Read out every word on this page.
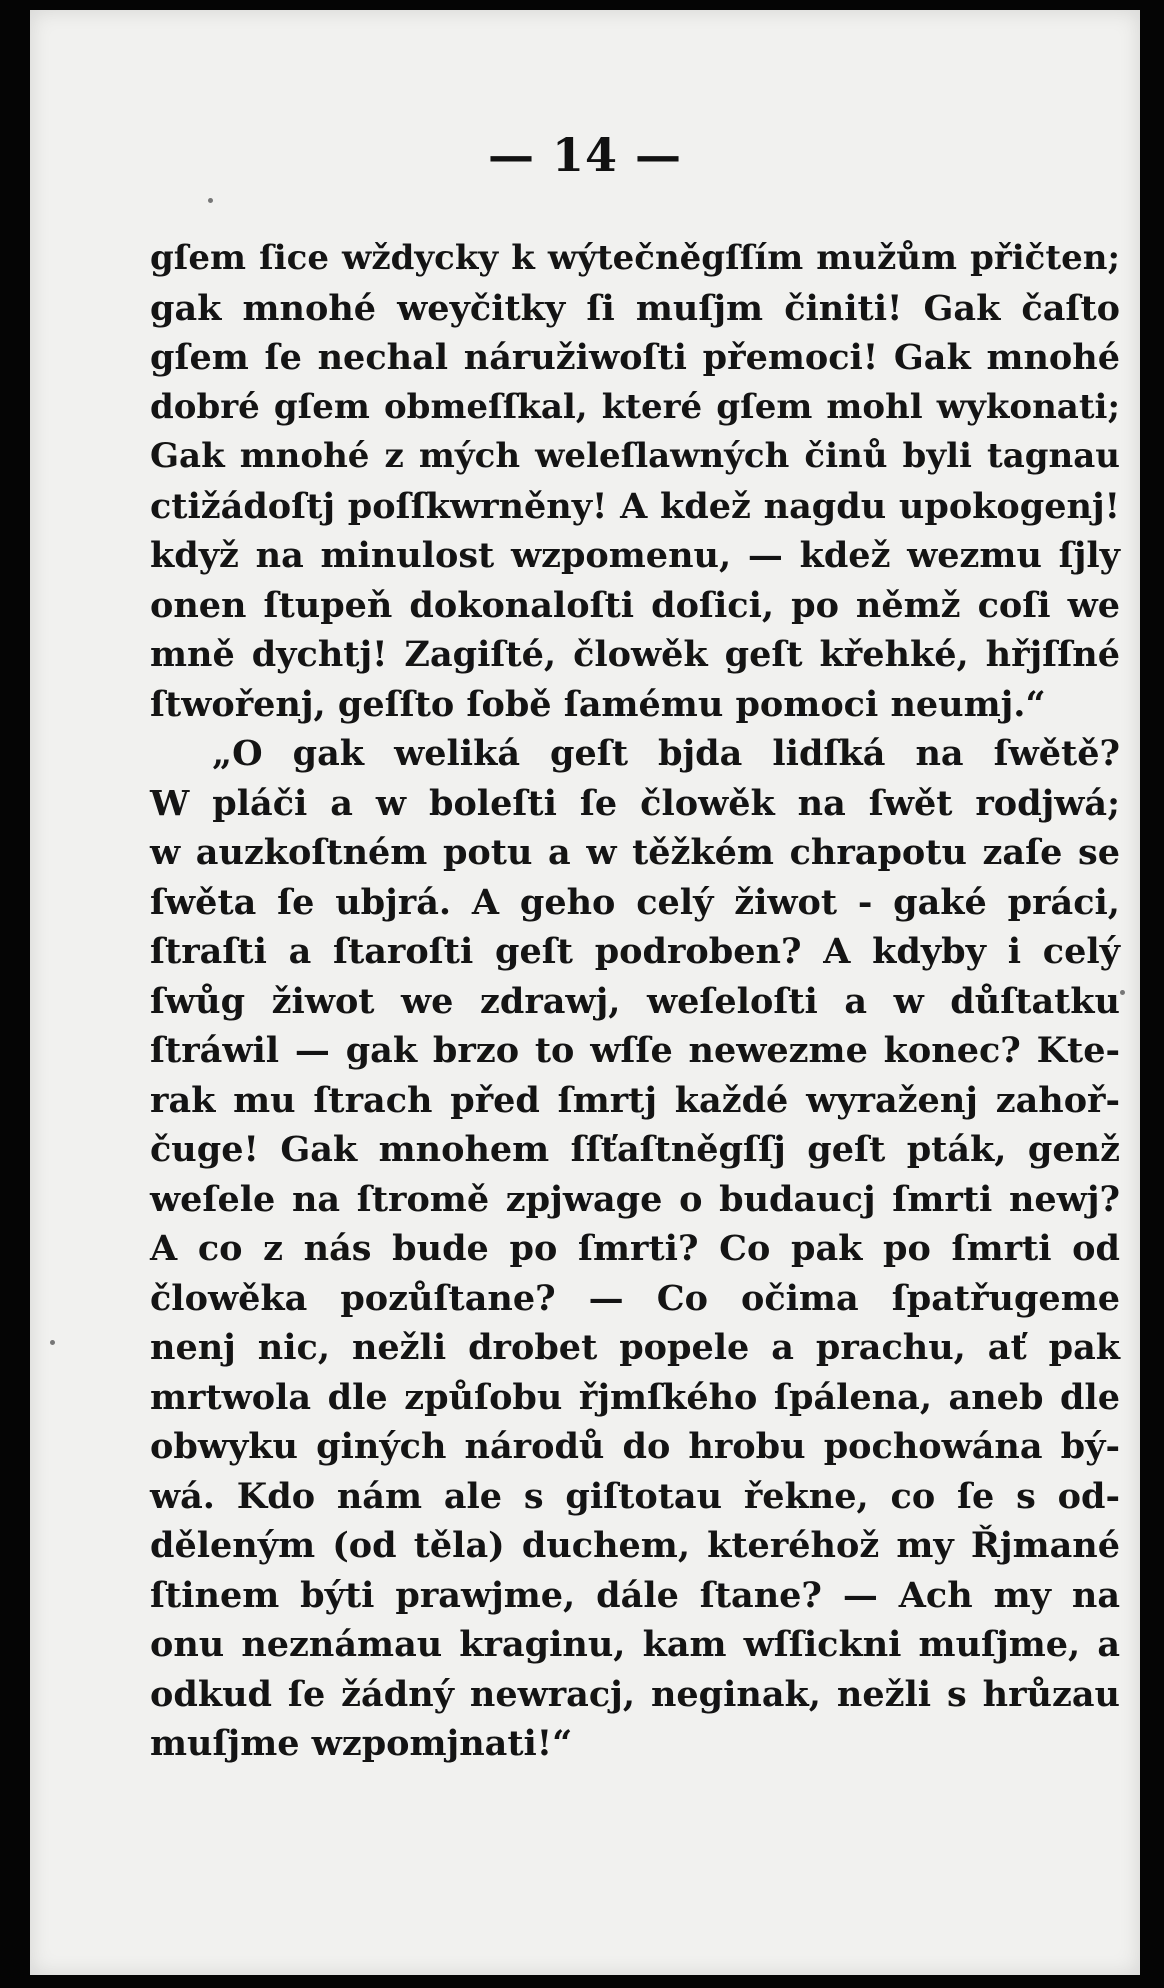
— 14 —
gſem ſice wždycky k wýtečněgſſím mužům přičten;
gak mnohé weyčitky ſi muſjm činiti! Gak čaſto
gſem ſe nechal náružiwoſti přemoci! Gak mnohé
dobré gſem obmeſſkal, které gſem mohl wykonati;
Gak mnohé z mých weleſlawných činů byli tagnau
ctižádoſtj poſſkwrněny! A kdež nagdu upokogenj!
když na minulost wzpomenu, — kdež wezmu ſjly
onen ſtupeň dokonaloſti doſici, po němž coſi we
mně dychtj! Zagiſté, člowěk geſt křehké, hřjſſné
ſtwořenj, geſſto ſobě ſamému pomoci neumj.“
„O gak weliká geſt bjda lidſká na ſwětě?
W pláči a w boleſti ſe člowěk na ſwět rodjwá;
w auzkoſtném potu a w těžkém chrapotu zaſe se
ſwěta ſe ubjrá. A geho celý žiwot - gaké práci,
ſtraſti a ſtaroſti geſt podroben? A kdyby i celý
ſwůg žiwot we zdrawj, weſeloſti a w důſtatku
ſtráwil — gak brzo to wſſe newezme konec? Kte-
rak mu ſtrach před ſmrtj každé wyraženj zahoř-
čuge! Gak mnohem ſſťaſtněgſſj geſt pták, genž
weſele na ſtromě zpjwage o budaucj ſmrti newj?
A co z nás bude po ſmrti? Co pak po ſmrti od
člowěka pozůſtane? — Co očima ſpatřugeme
nenj nic, nežli drobet popele a prachu, ať pak
mrtwola dle způſobu řjmſkého ſpálena, aneb dle
obwyku giných národů do hrobu pochowána bý-
wá. Kdo nám ale s giſtotau řekne, co ſe s od-
děleným (od těla) duchem, kteréhož my Řjmané
ſtinem býti prawjme, dále ſtane? — Ach my na
onu neznámau kraginu, kam wſſickni muſjme, a
odkud ſe žádný newracj, neginak, nežli s hrůzau
muſjme wzpomjnati!“
